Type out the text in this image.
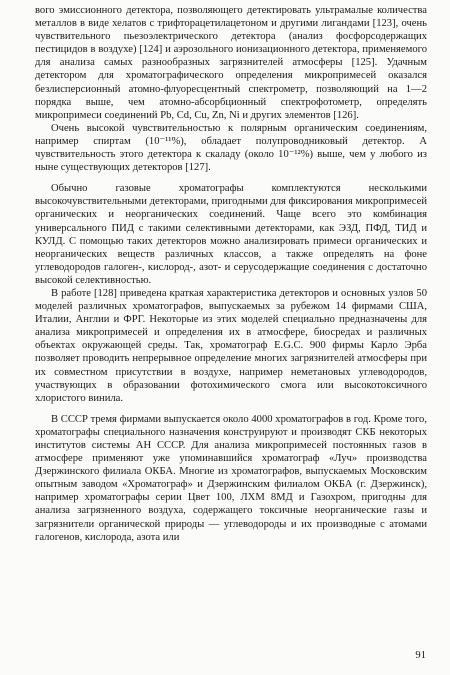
вого эмиссионного детектора, позволяющего детектировать ультрамалые количества металлов в виде хелатов с трифторацетилацетоном и другими лигандами [123], очень чувствительного пьезоэлектрического детектора (анализ фосфорсодержащих пестицидов в воздухе) [124] и аэрозольного ионизационного детектора, применяемого для анализа самых разнообразных загрязнителей атмосферы [125]. Удачным детектором для хроматографического определения микропримесей оказался безлисперсионный атомно-флуоресцентный спектрометр, позволяющий на 1—2 порядка выше, чем атомно-абсорбционный спектрофотометр, определять микропримеси соединений Pb, Cd, Cu, Zn, Ni и других элементов [126].

Очень высокой чувствительностью к полярным органическим соединениям, например спиртам (10⁻¹¹%), обладает полупроводниковый детектор. А чувствительность этого детектора к скаладу (около 10⁻¹²%) выше, чем у любого из ныне существующих детекторов [127].

Обычно газовые хроматографы комплектуются несколькими высокочувствительными детекторами, пригодными для фиксирования микропримесей органических и неорганических соединений. Чаще всего это комбинация универсального ПИД с такими селективными детекторами, как ЭЗД, ПФД, ТИД и КУЛД. С помощью таких детекторов можно анализировать примеси органических и неорганических веществ различных классов, а также определять на фоне углеводородов галоген-, кислород-, азот- и серусодержащие соединения с достаточно высокой селективностью.

В работе [128] приведена краткая характеристика детекторов и основных узлов 50 моделей различных хроматографов, выпускаемых за рубежом 14 фирмами США, Италии, Англии и ФРГ. Некоторые из этих моделей специально предназначены для анализа микропримесей и определения их в атмосфере, биосредах и различных объектах окружающей среды. Так, хроматограф E.G.C. 900 фирмы Карло Эрба позволяет проводить непрерывное определение многих загрязнителей атмосферы при их совместном присутствии в воздухе, например неметановых углеводородов, участвующих в образовании фотохимического смога или высокотоксичного хлористого винила.

В СССР тремя фирмами выпускается около 4000 хроматографов в год. Кроме того, хроматографы специального назначения конструируют и производят СКБ некоторых институтов системы АН СССР. Для анализа микропримесей постоянных газов в атмосфере применяют уже упоминавшийся хроматограф «Луч» производства Дзержинского филиала ОКБА. Многие из хроматографов, выпускаемых Московским опытным заводом «Хроматограф» и Дзержинским филиалом ОКБА (г. Дзержинск), например хроматографы серии Цвет 100, ЛХМ 8МД и Газохром, пригодны для анализа загрязненного воздуха, содержащего токсичные неорганические газы и загрязнители органической природы — углеводороды и их производные с атомами галогенов, кислорода, азота или

91
